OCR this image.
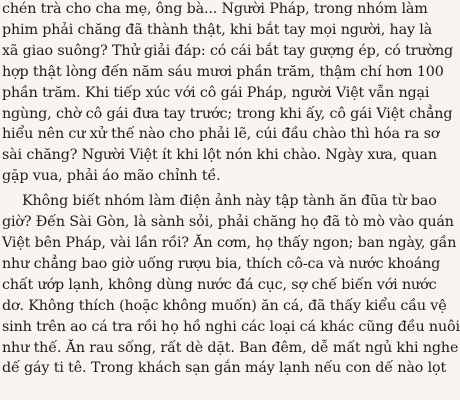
chén trà cho cha mẹ, ông bà... Người Pháp, trong nhóm làm
phim phải chăng đã thành thật, khi bắt tay mọi người, hay là
xã giao suông? Thử giải đáp: có cái bắt tay gượng ép, có trường
hợp thật lòng đến năm sáu mươi phần trăm, thậm chí hơn 100
phần trăm. Khi tiếp xúc với cô gái Pháp, người Việt vẫn ngại
ngùng, chờ cô gái đưa tay trước; trong khi ấy, cô gái Việt chẳng
hiểu nên cư xử thế nào cho phải lẽ, cúi đầu chào thì hóa ra sơ
sài chăng? Người Việt ít khi lột nón khi chào. Ngày xưa, quan
gặp vua, phải áo mão chỉnh tề.
Không biết nhóm làm điện ảnh này tập tành ăn đũa từ bao
giờ? Đến Sài Gòn, là sành sỏi, phải chăng họ đã tò mò vào quán
Việt bên Pháp, vài lần rồi? Ăn cơm, họ thấy ngon; ban ngày, gần
như chẳng bao giờ uống rượu bia, thích cô-ca và nước khoáng
chất ướp lạnh, không dùng nước đá cục, sợ chế biến với nước
dơ. Không thích (hoặc không muốn) ăn cá, đã thấy kiểu cầu vệ
sinh trên ao cá tra rồi họ hồ nghi các loại cá khác cũng đều nuôi
như thế. Ăn rau sống, rất dè dặt. Ban đêm, dễ mất ngủ khi nghe
dế gáy ti tê. Trong khách sạn gắn máy lạnh nếu con dế nào lọt
